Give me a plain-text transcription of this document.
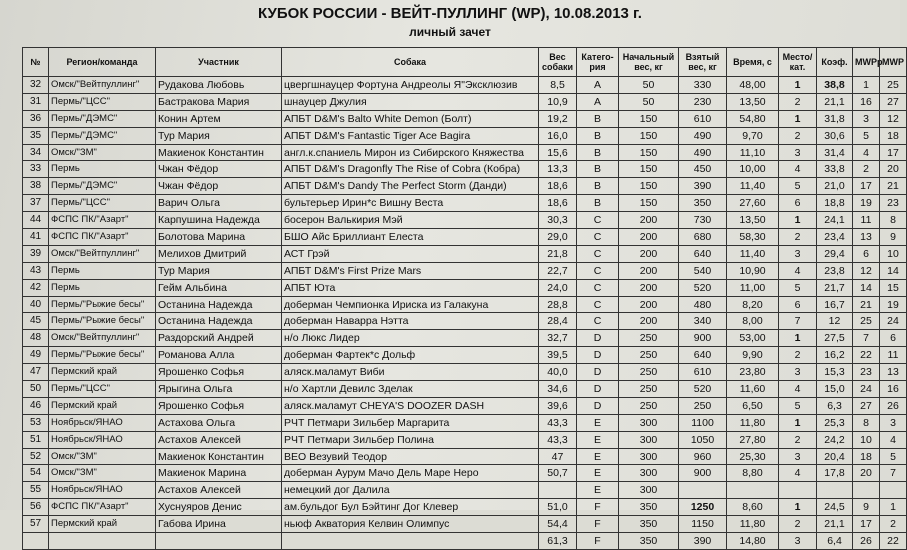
КУБОК РОССИИ - ВЕЙТ-ПУЛЛИНГ (WP), 10.08.2013 г.
личный зачет
№	Регион/команда	Участник	Собака	Вес собаки	Катего-рия	Начальный вес, кг	Взятый вес, кг	Время, с	Место/ кат.	Коэф.	MWPр	MWP
32	Омск/"Вейтпуллинг"	Рудакова Любовь	цвергшнауцер Фортуна Андреолы Я"Эксклюзив	8,5	A	50	330	48,00	1	38,8	1	25
31	Пермь/"ЦСС"	Бастракова Мария	шнауцер Джулия	10,9	A	50	230	13,50	2	21,1	16	27
36	Пермь/"ДЭМС"	Конин Артем	АПБТ D&M's Balto White Demon (Болт)	19,2	B	150	610	54,80	1	31,8	3	12
35	Пермь/"ДЭМС"	Тур Мария	АПБТ D&M's Fantastic Tiger Ace Bagira	16,0	B	150	490	9,70	2	30,6	5	18
34	Омск/"ЗМ"	Макиенок Константин	англ.к.спаниель Мирон из Сибирского Княжества	15,6	B	150	490	11,10	3	31,4	4	17
33	Пермь	Чжан Фёдор	АПБТ D&M's Dragonfly The Rise of Cobra (Кобра)	13,3	B	150	450	10,00	4	33,8	2	20
38	Пермь/"ДЭМС"	Чжан Фёдор	АПБТ D&M's Dandy The Perfect Storm (Данди)	18,6	B	150	390	11,40	5	21,0	17	21
37	Пермь/"ЦСС"	Варич Ольга	бультерьер Ирин*с Вишну Веста	18,6	B	150	350	27,60	6	18,8	19	23
44	ФСПС ПК/"Азарт"	Карпушина Надежда	босерон Валькирия Мэй	30,3	C	200	730	13,50	1	24,1	11	8
41	ФСПС ПК/"Азарт"	Болотова Марина	БШО Айс Бриллиант Елеста	29,0	C	200	680	58,30	2	23,4	13	9
39	Омск/"Вейтпуллинг"	Мелихов Дмитрий	АСТ Грэй	21,8	C	200	640	11,40	3	29,4	6	10
43	Пермь	Тур Мария	АПБТ D&M's First Prize Mars	22,7	C	200	540	10,90	4	23,8	12	14
42	Пермь	Гейм Альбина	АПБТ Юта	24,0	C	200	520	11,00	5	21,7	14	15
40	Пермь/"Рыжие бесы"	Останина Надежда	доберман Чемпионка Ириска из Галакуна	28,8	C	200	480	8,20	6	16,7	21	19
45	Пермь/"Рыжие бесы"	Останина Надежда	доберман Наварра Нэтта	28,4	C	200	340	8,00	7	12	25	24
48	Омск/"Вейтпуллинг"	Раздорский Андрей	н/о Люкс Лидер	32,7	D	250	900	53,00	1	27,5	7	6
49	Пермь/"Рыжие бесы"	Романова Алла	доберман Фартек*с Дольф	39,5	D	250	640	9,90	2	16,2	22	11
47	Пермский край	Ярошенко Софья	аляск.маламут Виби	40,0	D	250	610	23,80	3	15,3	23	13
50	Пермь/"ЦСС"	Ярыгина Ольга	н/о Хартли Девилс Зделак	34,6	D	250	520	11,60	4	15,0	24	16
46	Пермский край	Ярошенко Софья	аляск.маламут CHEYA'S DOOZER DASH	39,6	D	250	250	6,50	5	6,3	27	26
53	Ноябрьск/ЯНАО	Астахова Ольга	РЧТ Петмари Зильбер Маргарита	43,3	E	300	1100	11,80	1	25,3	8	3
51	Ноябрьск/ЯНАО	Астахов Алексей	РЧТ Петмари Зильбер Полина	43,3	E	300	1050	27,80	2	24,2	10	4
52	Омск/"ЗМ"	Макиенок Константин	ВЕО Везувий Теодор	47	E	300	960	25,30	3	20,4	18	5
54	Омск/"ЗМ"	Макиенок Марина	доберман Аурум Мачо Дель Маре Неро	50,7	E	300	900	8,80	4	17,8	20	7
55	Ноябрьск/ЯНАО	Астахов Алексей	немецкий дог Далила		E	300						
56	ФСПС ПК/"Азарт"	Хуснуяров Денис	ам.бульдог Бул Бэйтинг Дог Клевер	51,0	F	350	1250	8,60	1	24,5	9	1
57	Пермский край	Габова Ирина	ньюф Акватория Келвин Олимпус	54,4	F	350	1150	11,80	2	21,1	17	2
				61,3	F	350	390	14,80	3	6,4	26	22
